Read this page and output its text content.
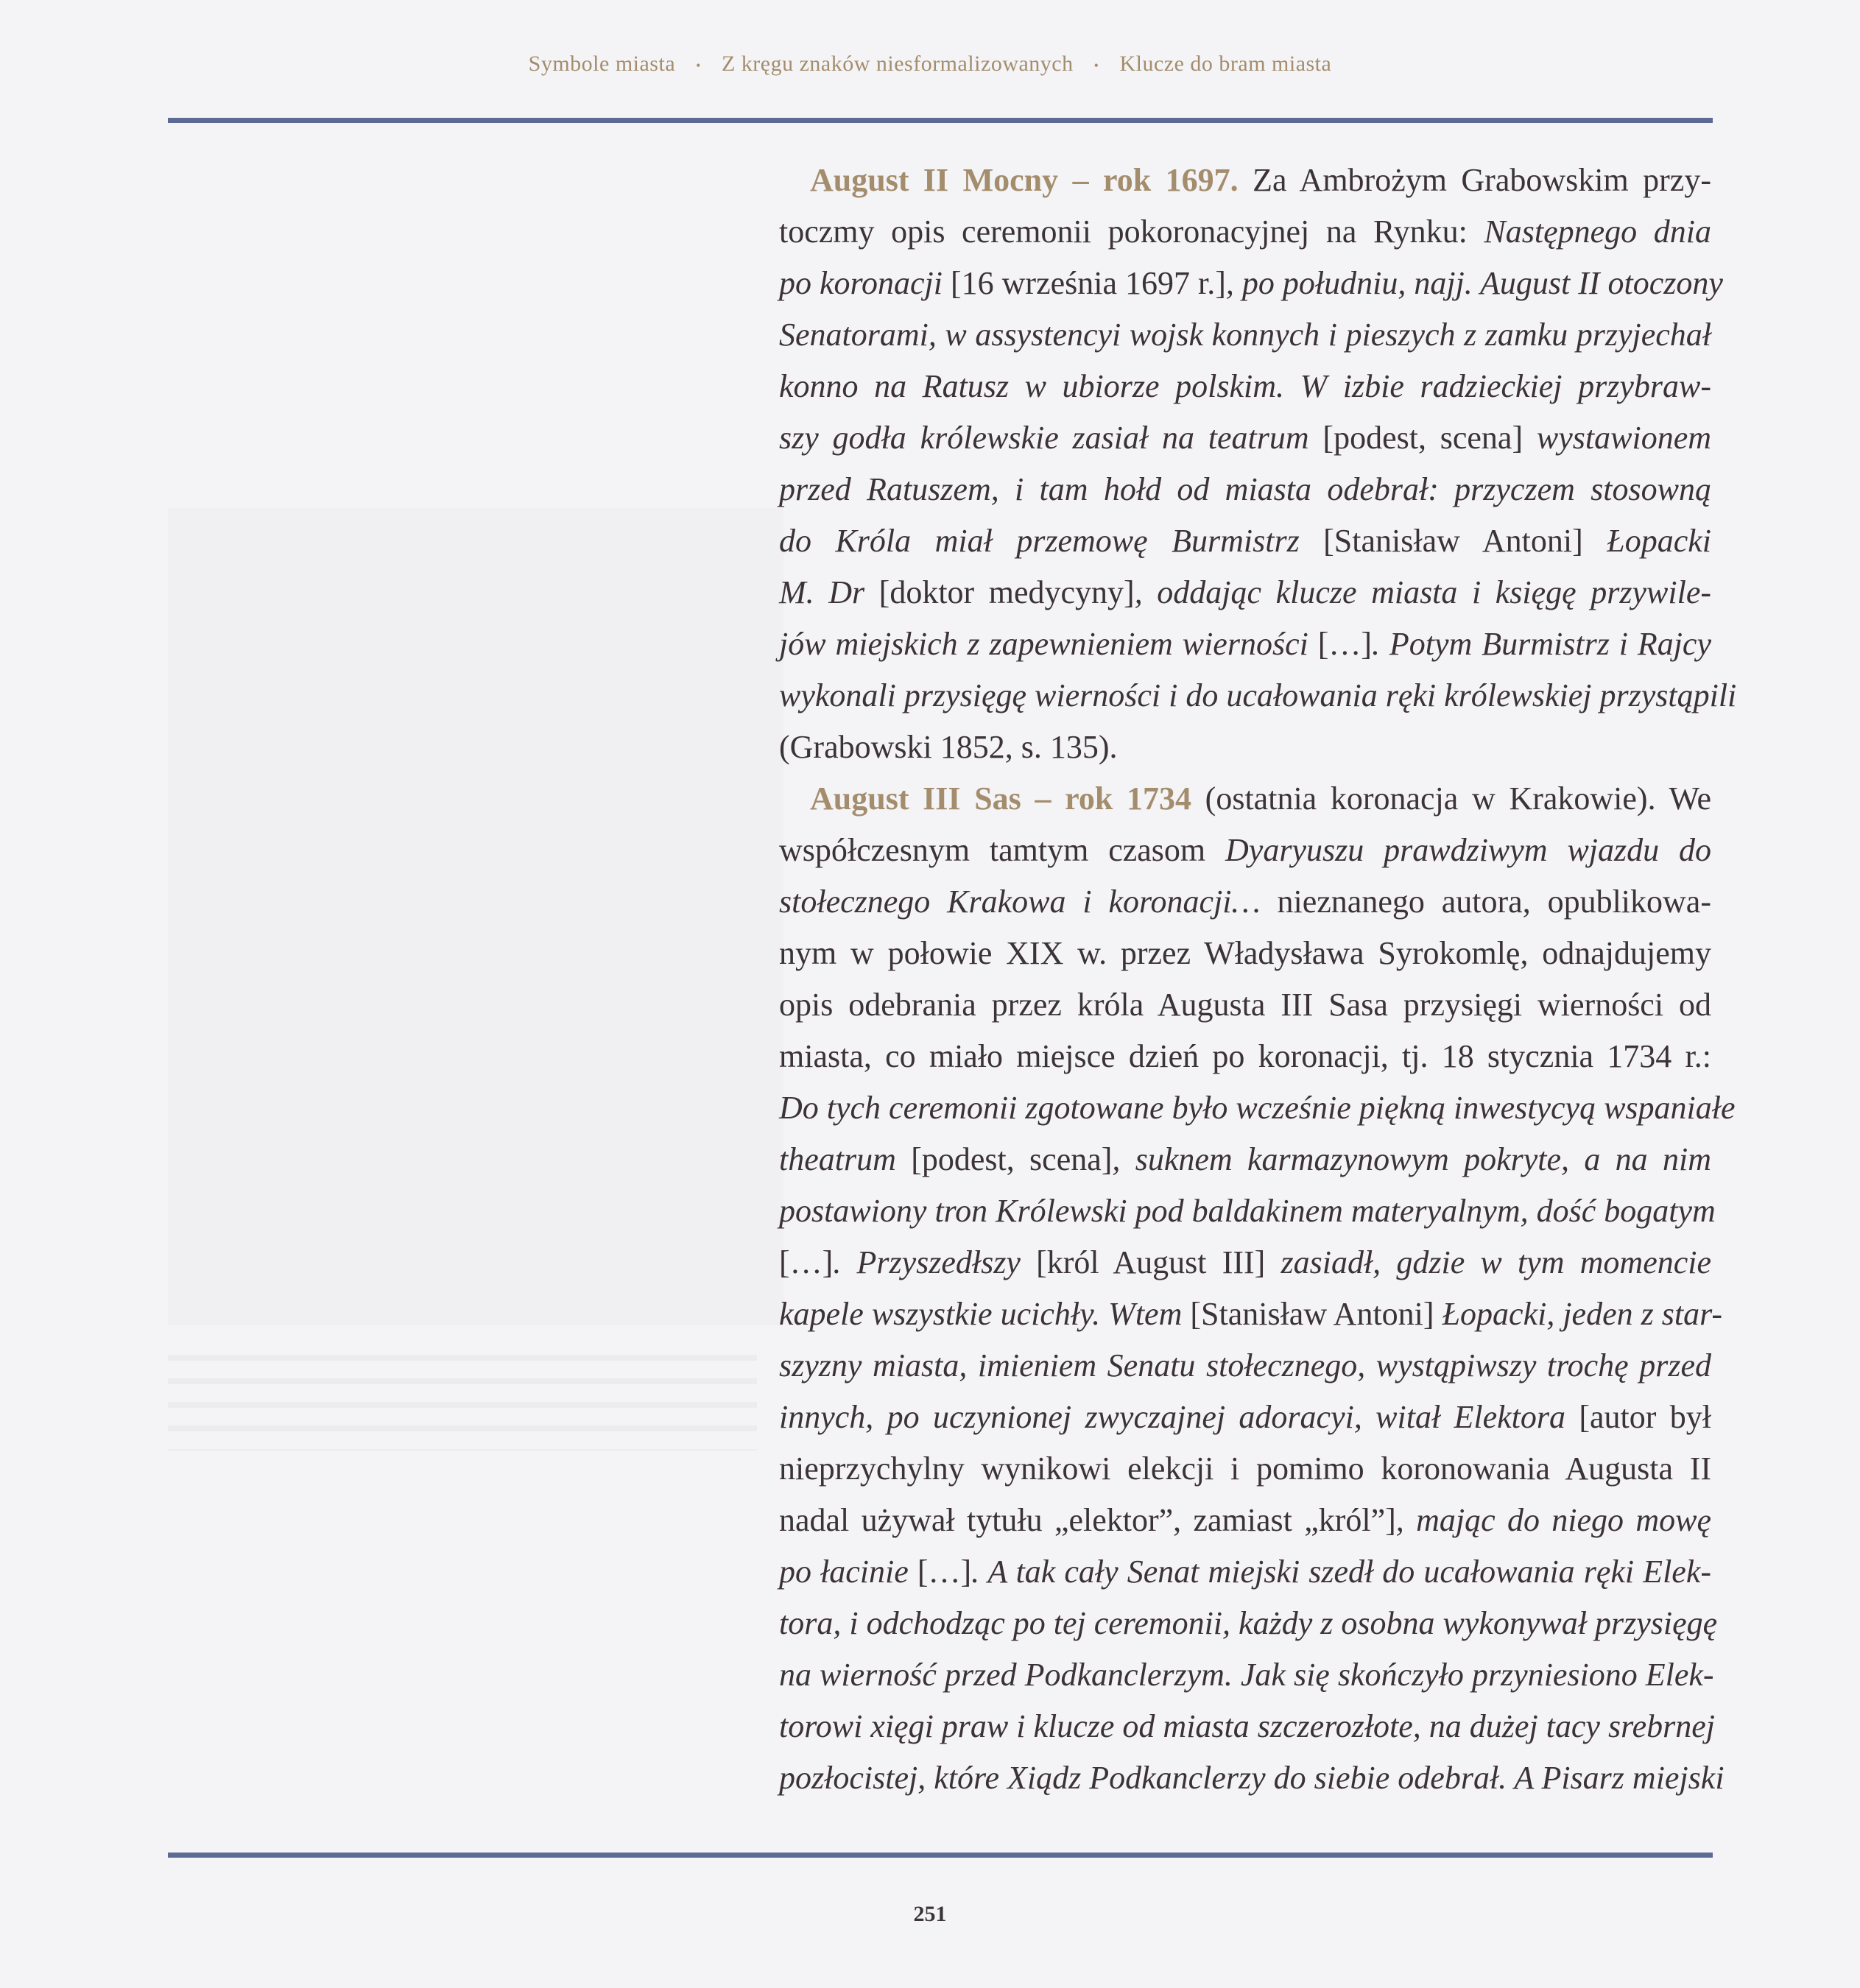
Symbole miasta • Z kręgu znaków niesformalizowanych • Klucze do bram miasta
August II Mocny – rok 1697. Za Ambrożym Grabowskim przy-
toczmy opis ceremonii pokoronacyjnej na Rynku: Następnego dnia
po koronacji [16 września 1697 r.], po południu, najj. August II otoczony
Senatorami, w assystencyi wojsk konnych i pieszych z zamku przyjechał
konno na Ratusz w ubiorze polskim. W izbie radzieckiej przybraw-
szy godła królewskie zasiał na teatrum [podest, scena] wystawionem
przed Ratuszem, i tam hołd od miasta odebrał: przyczem stosowną
do Króla miał przemowę Burmistrz [Stanisław Antoni] Łopacki
M. Dr [doktor medycyny], oddając klucze miasta i księgę przywile-
jów miejskich z zapewnieniem wierności […]. Potym Burmistrz i Rajcy
wykonali przysięgę wierności i do ucałowania ręki królewskiej przystąpili
(Grabowski 1852, s. 135).
August III Sas – rok 1734 (ostatnia koronacja w Krakowie). We
współczesnym tamtym czasom Dyaryuszu prawdziwym wjazdu do
stołecznego Krakowa i koronacji… nieznanego autora, opublikowa-
nym w połowie XIX w. przez Władysława Syrokomlę, odnajdujemy
opis odebrania przez króla Augusta III Sasa przysięgi wierności od
miasta, co miało miejsce dzień po koronacji, tj. 18 stycznia 1734 r.:
Do tych ceremonii zgotowane było wcześnie piękną inwestycyą wspaniałe
theatrum [podest, scena], suknem karmazynowym pokryte, a na nim
postawiony tron Królewski pod baldakinem materyalnym, dość bogatym
[…]. Przyszedłszy [król August III] zasiadł, gdzie w tym momencie
kapele wszystkie ucichły. Wtem [Stanisław Antoni] Łopacki, jeden z star-
szyzny miasta, imieniem Senatu stołecznego, wystąpiwszy trochę przed
innych, po uczynionej zwyczajnej adoracyi, witał Elektora [autor był
nieprzychylny wynikowi elekcji i pomimo koronowania Augusta II
nadal używał tytułu „elektor”, zamiast „król”], mając do niego mowę
po łacinie […]. A tak cały Senat miejski szedł do ucałowania ręki Elek-
tora, i odchodząc po tej ceremonii, każdy z osobna wykonywał przysięgę
na wierność przed Podkanclerzym. Jak się skończyło przyniesiono Elek-
torowi xięgi praw i klucze od miasta szczerozłote, na dużej tacy srebrnej
pozłocistej, które Xiądz Podkanclerzy do siebie odebrał. A Pisarz miejski
251
